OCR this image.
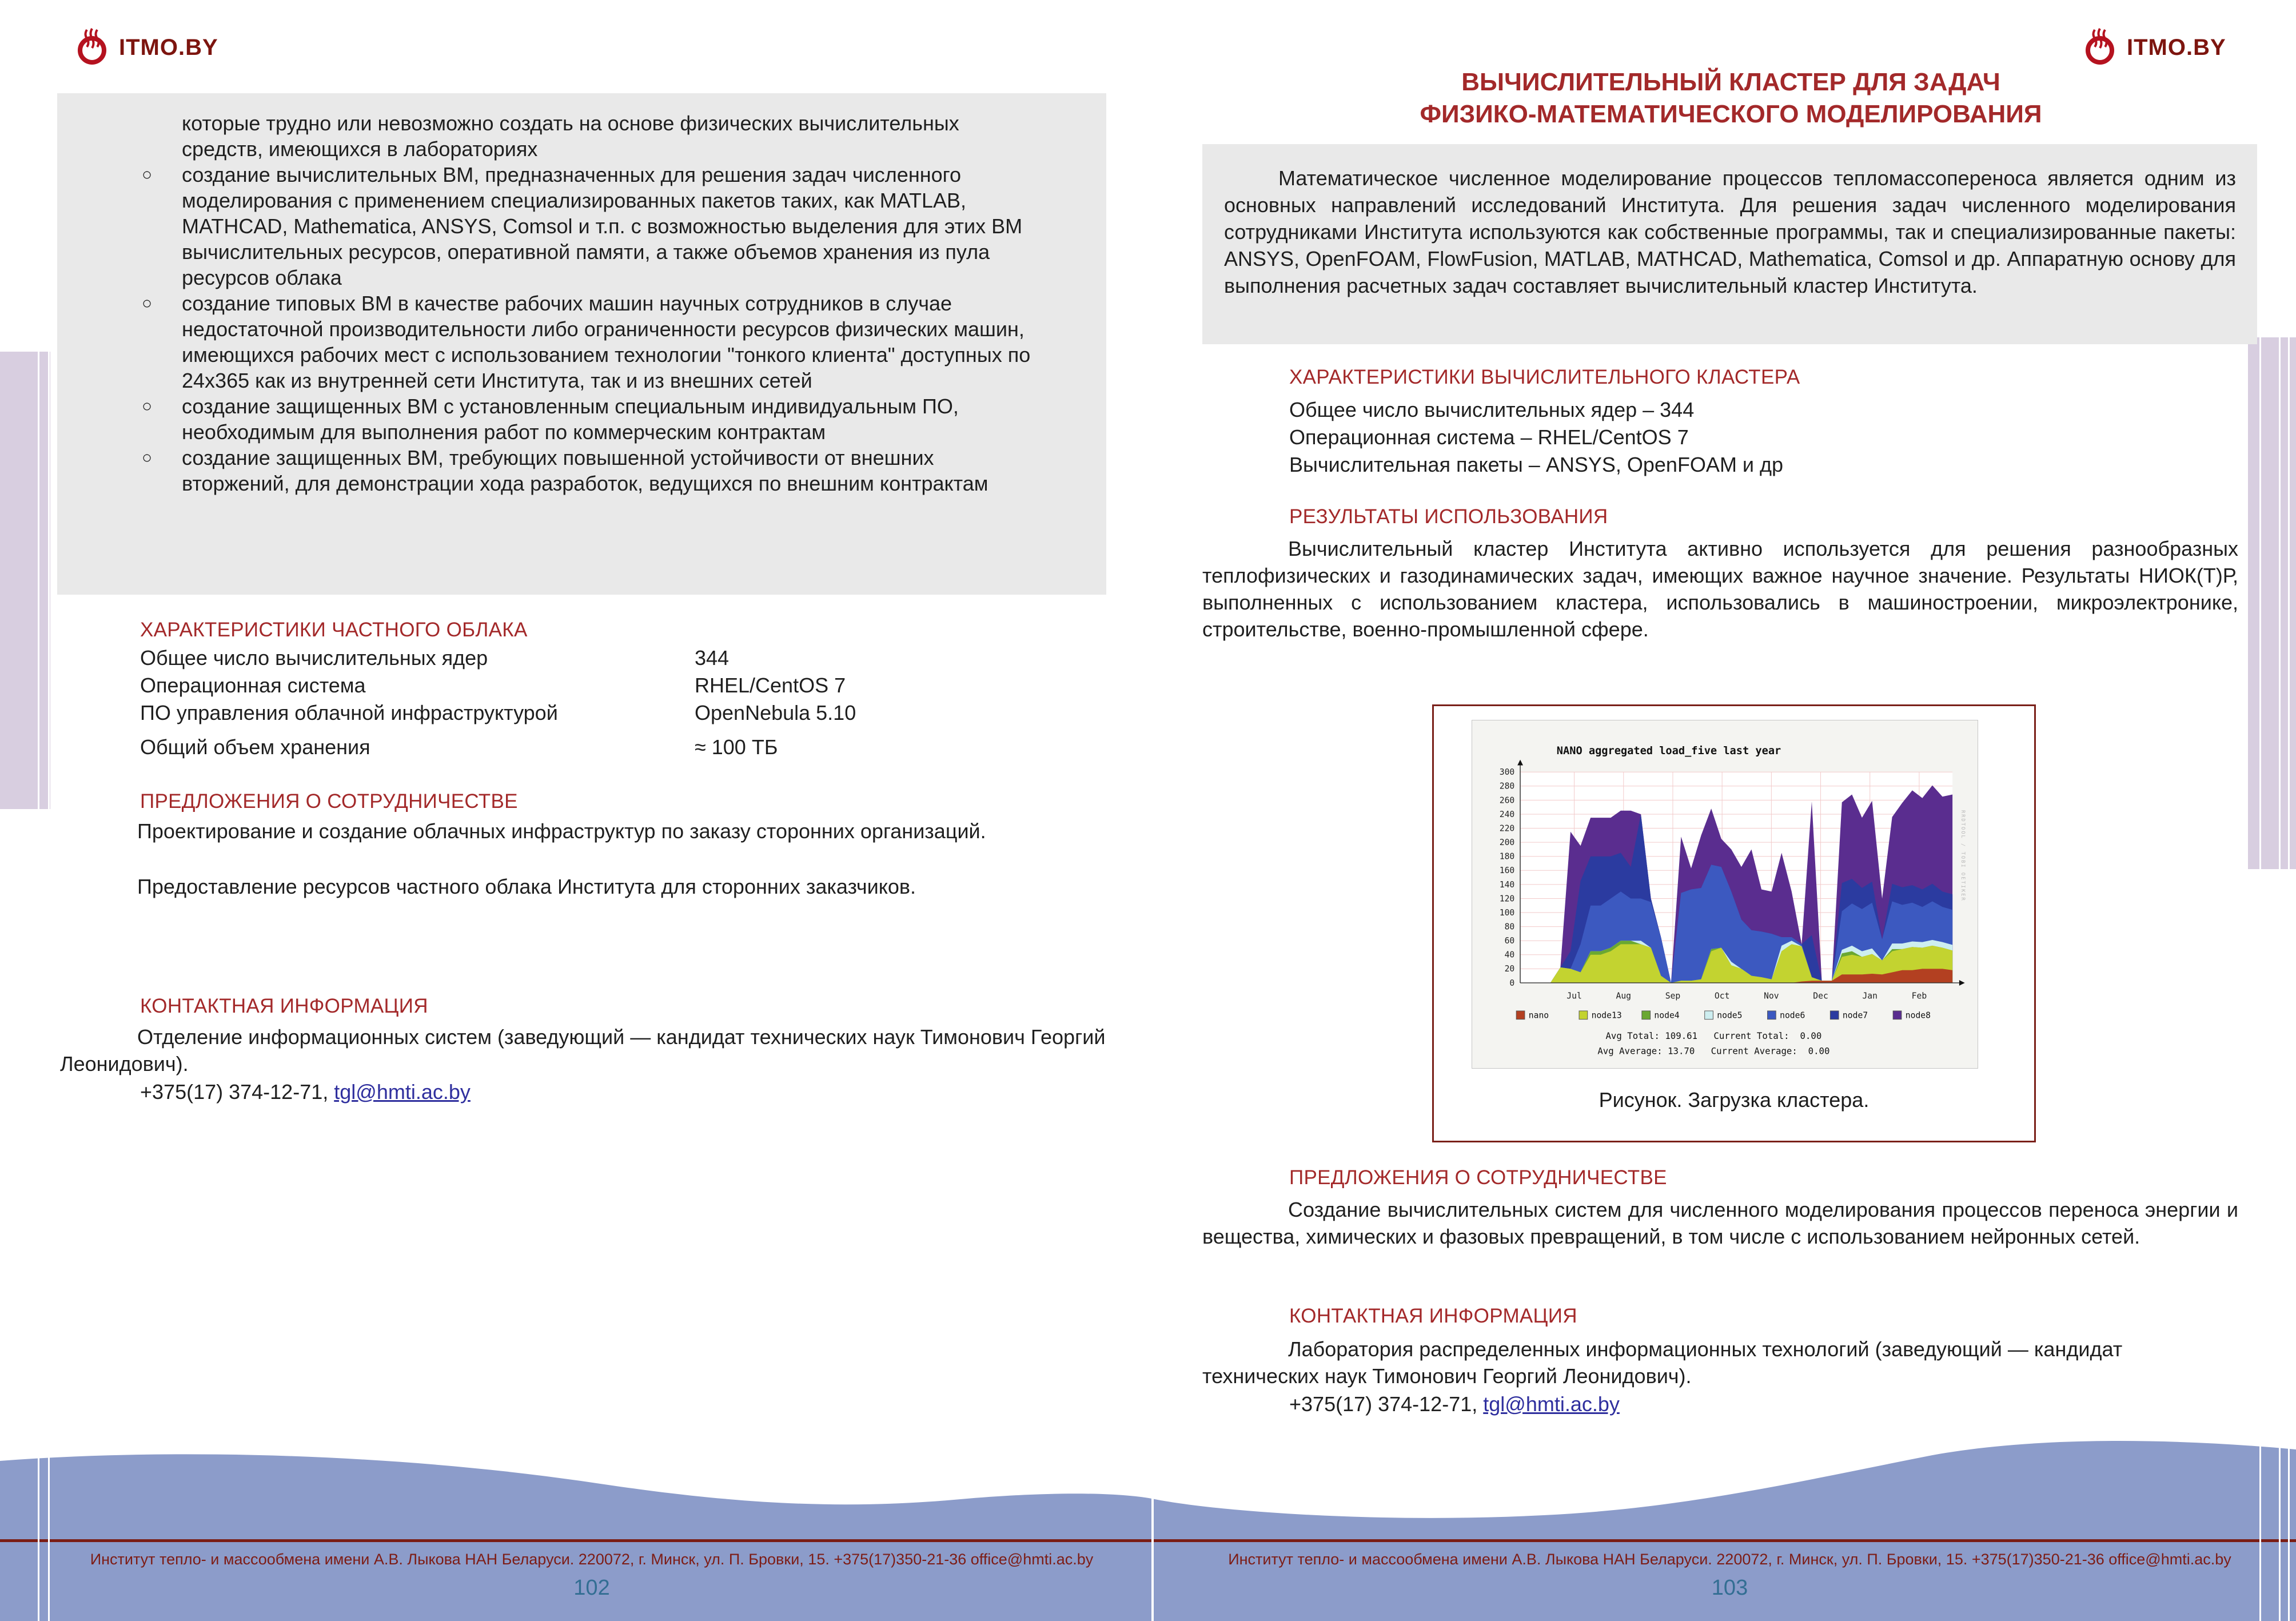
ITMO.BY	ITMO.BY

которые трудно или невозможно создать на основе физических вычислительных средств, имеющихся в лабораториях

○ создание вычислительных ВМ, предназначенных для решения задач численного моделирования с применением специализированных пакетов таких, как MATLAB, MATHCAD, Mathematica, ANSYS, Comsol и т.п. с возможностью выделения для этих ВМ вычислительных ресурсов, оперативной памяти, а также объемов хранения из пула ресурсов облака
○ создание типовых ВМ в качестве рабочих машин научных сотрудников в случае недостаточной производительности либо ограниченности ресурсов физических машин, имеющихся рабочих мест с использованием технологии "тонкого клиента" доступных по 24x365 как из внутренней сети Института, так и из внешних сетей
○ создание защищенных ВМ с установленным специальным индивидуальным ПО, необходимым для выполнения работ по коммерческим контрактам
○ создание защищенных ВМ, требующих повышенной устойчивости от внешних вторжений, для демонстрации хода разработок, ведущихся по внешним контрактам
ХАРАКТЕРИСТИКИ ЧАСТНОГО ОБЛАКА
Общее число вычислительных ядер	344
Операционная система	RHEL/CentOS 7
ПО управления облачной инфраструктурой	OpenNebula 5.10
Общий объем хранения	≈ 100 ТБ
ПРЕДЛОЖЕНИЯ О СОТРУДНИЧЕСТВЕ
Проектирование и создание облачных инфраструктур по заказу сторонних организаций.
Предоставление ресурсов частного облака Института для сторонних заказчиков.
КОНТАКТНАЯ ИНФОРМАЦИЯ
Отделение информационных систем (заведующий — кандидат технических наук Тимонович Георгий Леонидович).
+375(17) 374-12-71, tgl@hmti.ac.by
ВЫЧИСЛИТЕЛЬНЫЙ КЛАСТЕР ДЛЯ ЗАДАЧ
ФИЗИКО-МАТЕМАТИЧЕСКОГО МОДЕЛИРОВАНИЯ
Математическое численное моделирование процессов тепломассопереноса является одним из основных направлений исследований Института. Для решения задач численного моделирования сотрудниками Института используются как собственные программы, так и специализированные пакеты: ANSYS, OpenFOAM, FlowFusion, MATLAB, MATHCAD, Mathematica, Comsol и др. Аппаратную основу для выполнения расчетных задач составляет вычислительный кластер Института.
ХАРАКТЕРИСТИКИ ВЫЧИСЛИТЕЛЬНОГО КЛАСТЕРА
Общее число вычислительных ядер – 344
Операционная система – RHEL/CentOS 7
Вычислительная пакеты – ANSYS, OpenFOAM и др
РЕЗУЛЬТАТЫ ИСПОЛЬЗОВАНИЯ
Вычислительный кластер Института активно используется для решения разнообразных теплофизических и газодинамических задач, имеющих важное научное значение. Результаты НИОК(Т)Р, выполненных с использованием кластера, использовались в машиностроении, микроэлектронике, строительстве, военно-промышленной сфере.
0
20
40
60
80
100
120
140
160
180
200
220
240
260
280
300
Jul	Aug	Sep	Oct	Nov	Dec	Jan	Feb
NANO aggregated load_five last year
nano	node13	node4	node5	node6	node7	node8
Avg Total: 109.61   Current Total:  0.00
Avg Average: 13.70   Current Average:  0.00
RRDTOOL / TOBI OETIKER
Рисунок. Загрузка кластера.
ПРЕДЛОЖЕНИЯ О СОТРУДНИЧЕСТВЕ
Создание вычислительных систем для численного моделирования процессов переноса энергии и вещества, химических и фазовых превращений, в том числе с использованием нейронных сетей.
КОНТАКТНАЯ ИНФОРМАЦИЯ
Лаборатория распределенных информационных технологий (заведующий — кандидат технических наук Тимонович Георгий Леонидович).
+375(17) 374-12-71, tgl@hmti.ac.by
Институт тепло- и массообмена имени А.В. Лыкова НАН Беларуси. 220072, г. Минск, ул. П. Бровки, 15. +375(17)350-21-36 office@hmti.ac.by	Институт тепло- и массообмена имени А.В. Лыкова НАН Беларуси. 220072, г. Минск, ул. П. Бровки, 15. +375(17)350-21-36 office@hmti.ac.by
102	103
